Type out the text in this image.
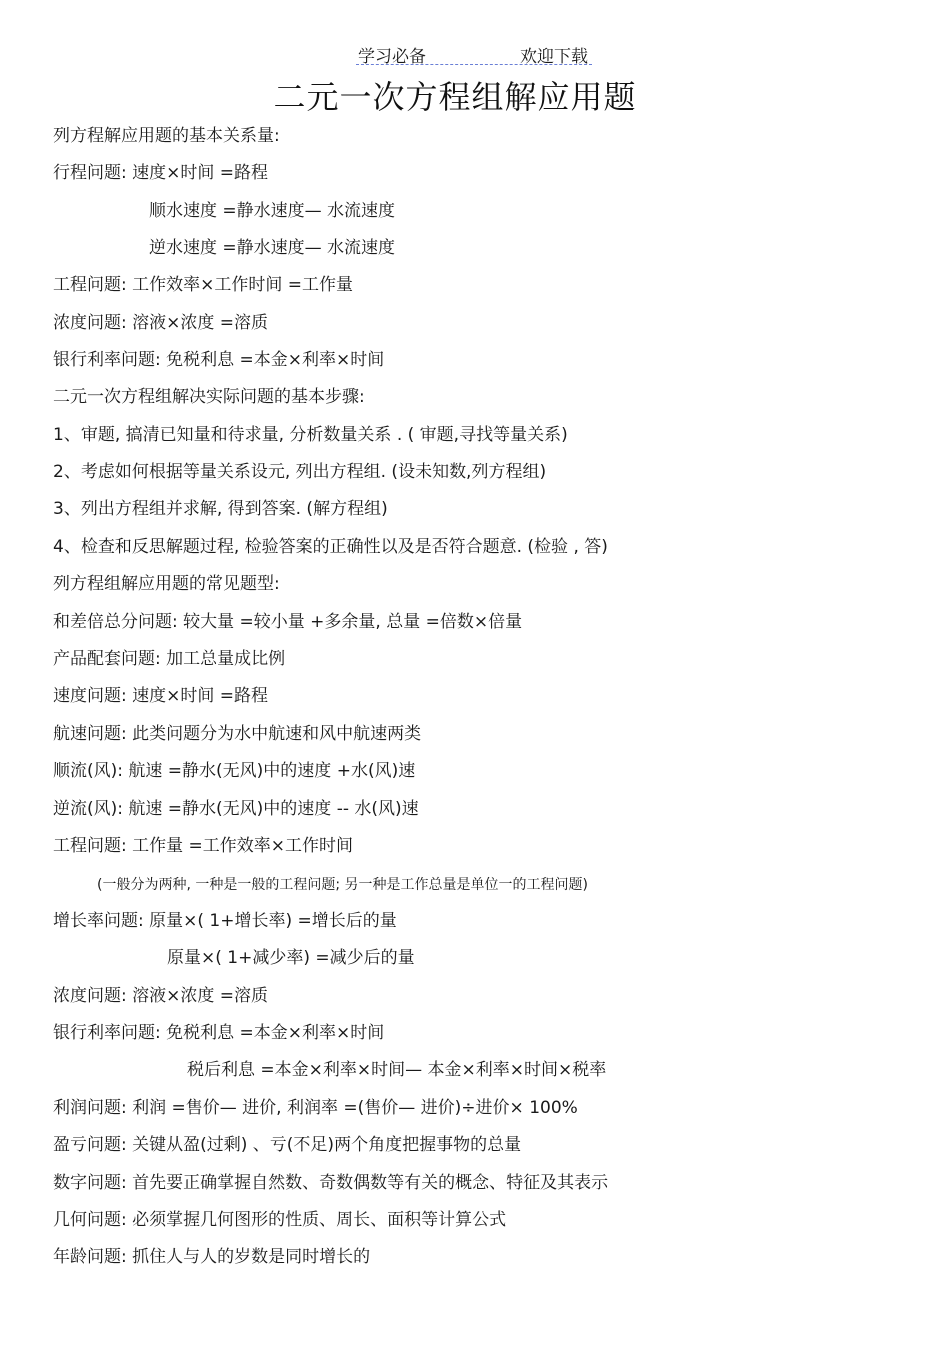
学习必备	欢迎下载
二元一次方程组解应用题
列方程解应用题的基本关系量:
行程问题: 速度×时间 =路程
顺水速度 =静水速度— 水流速度
逆水速度 =静水速度— 水流速度
工程问题: 工作效率×工作时间 =工作量
浓度问题: 溶液×浓度 =溶质
银行利率问题: 免税利息 =本金×利率×时间
二元一次方程组解决实际问题的基本步骤:
1、审题, 搞清已知量和待求量, 分析数量关系 . ( 审题,寻找等量关系)
2、考虑如何根据等量关系设元, 列出方程组. (设未知数,列方程组)
3、列出方程组并求解, 得到答案. (解方程组)
4、检查和反思解题过程, 检验答案的正确性以及是否符合题意. (检验 , 答)
列方程组解应用题的常见题型:
和差倍总分问题: 较大量 =较小量 +多余量, 总量 =倍数×倍量
产品配套问题: 加工总量成比例
速度问题: 速度×时间 =路程
航速问题: 此类问题分为水中航速和风中航速两类
顺流(风): 航速 =静水(无风)中的速度 +水(风)速
逆流(风): 航速 =静水(无风)中的速度 -- 水(风)速
工程问题: 工作量 =工作效率×工作时间
(一般分为两种, 一种是一般的工程问题; 另一种是工作总量是单位一的工程问题)
增长率问题: 原量×( 1+增长率) =增长后的量
原量×( 1+减少率) =减少后的量
浓度问题: 溶液×浓度 =溶质
银行利率问题: 免税利息 =本金×利率×时间
税后利息 =本金×利率×时间— 本金×利率×时间×税率
利润问题: 利润 =售价— 进价, 利润率 =(售价— 进价)÷进价× 100%
盈亏问题: 关键从盈(过剩) 、亏(不足)两个角度把握事物的总量
数字问题: 首先要正确掌握自然数、奇数偶数等有关的概念、特征及其表示
几何问题: 必须掌握几何图形的性质、周长、面积等计算公式
年龄问题: 抓住人与人的岁数是同时增长的
